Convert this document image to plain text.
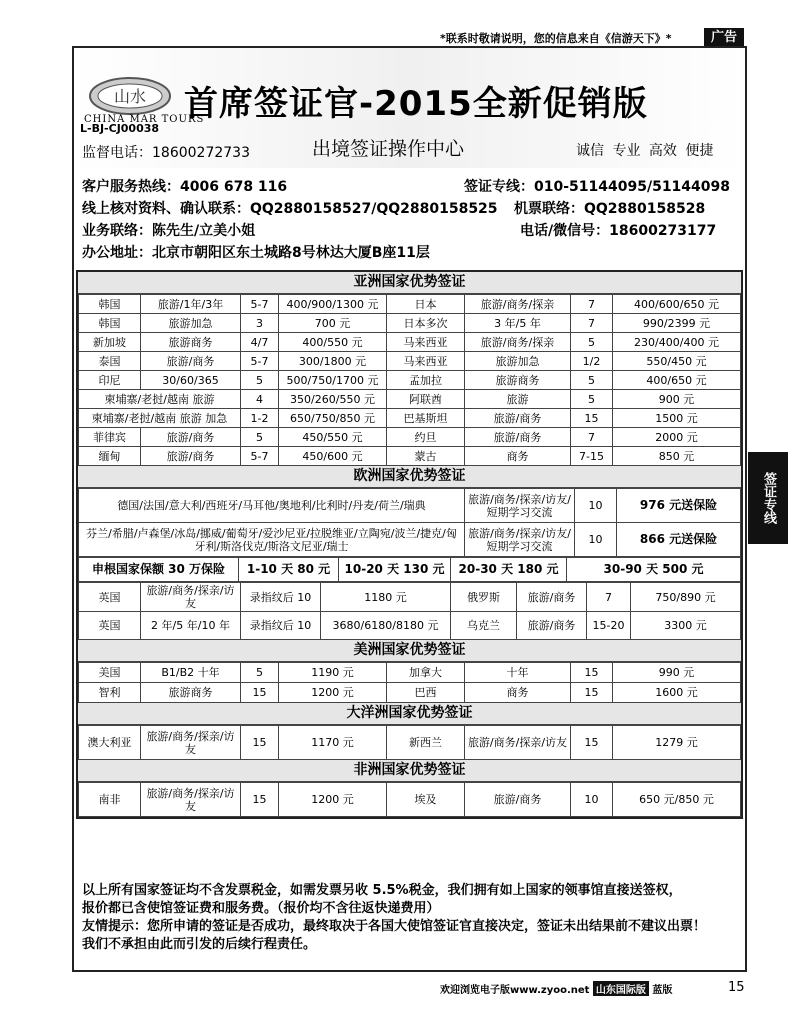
*联系时敬请说明，您的信息来自《信游天下》*	广告
山水
CHINA MAR TOURS
L-BJ-CJ00038
首席签证官-2015全新促销版
监督电话：18600272733	出境签证操作中心	诚信 专业 高效 便捷
客户服务热线：4006 678 116	签证专线：010-51144095/51144098
线上核对资料、确认联系：QQ2880158527/QQ2880158525 机票联络：QQ2880158528
业务联络：陈先生/立美小姐	电话/微信号：18600273177
办公地址：北京市朝阳区东土城路8号林达大厦B座11层
亚洲国家优势签证
韩国	旅游/1年/3年	5-7	400/900/1300 元	日本	旅游/商务/探亲	7	400/600/650 元
韩国	旅游加急	3	700 元	日本多次	3 年/5 年	7	990/2399 元
新加坡	旅游商务	4/7	400/550 元	马来西亚	旅游/商务/探亲	5	230/400/400 元
泰国	旅游/商务	5-7	300/1800 元	马来西亚	旅游加急	1/2	550/450 元
印尼	30/60/365	5	500/750/1700 元	孟加拉	旅游商务	5	400/650 元
柬埔寨/老挝/越南 旅游		4	350/260/550 元	阿联酋	旅游	5	900 元
柬埔寨/老挝/越南 旅游 加急		1-2	650/750/850 元	巴基斯坦	旅游/商务	15	1500 元
菲律宾	旅游/商务	5	450/550 元	约旦	旅游/商务	7	2000 元
缅甸	旅游/商务	5-7	450/600 元	蒙古	商务	7-15	850 元
欧洲国家优势签证
德国/法国/意大利/西班牙/马耳他/奥地利/比利时/丹麦/荷兰/瑞典	旅游/商务/探亲/访友/短期学习交流	10	976 元送保险
芬兰/希腊/卢森堡/冰岛/挪威/葡萄牙/爱沙尼亚/拉脱维亚/立陶宛/波兰/捷克/匈牙利/斯洛伐克/斯洛文尼亚/瑞士	旅游/商务/探亲/访友/短期学习交流	10	866 元送保险
申根国家保额 30 万保险	1-10 天 80 元	10-20 天 130 元	20-30 天 180 元	30-90 天 500 元
英国	旅游/商务/探亲/访友	录指纹后 10	1180 元	俄罗斯	旅游/商务	7	750/890 元
英国	2 年/5 年/10 年	录指纹后 10	3680/6180/8180 元	乌克兰	旅游/商务	15-20	3300 元
美洲国家优势签证
美国	B1/B2 十年	5	1190 元	加拿大	十年	15	990 元
智利	旅游商务	15	1200 元	巴西	商务	15	1600 元
大洋洲国家优势签证
澳大利亚	旅游/商务/探亲/访友	15	1170 元	新西兰	旅游/商务/探亲/访友	15	1279 元
非洲国家优势签证
南非	旅游/商务/探亲/访友	15	1200 元	埃及	旅游/商务	10	650 元/850 元
以上所有国家签证均不含发票税金，如需发票另收 5.5%税金，我们拥有如上国家的领事馆直接送签权，
报价都已含使馆签证费和服务费。（报价均不含往返快递费用）
友情提示：您所申请的签证是否成功，最终取决于各国大使馆签证官直接决定，签证未出结果前不建议出票！
我们不承担由此而引发的后续行程责任。
签证专线
欢迎浏览电子版www.zyoo.net 山东国际版 蓝版	15
